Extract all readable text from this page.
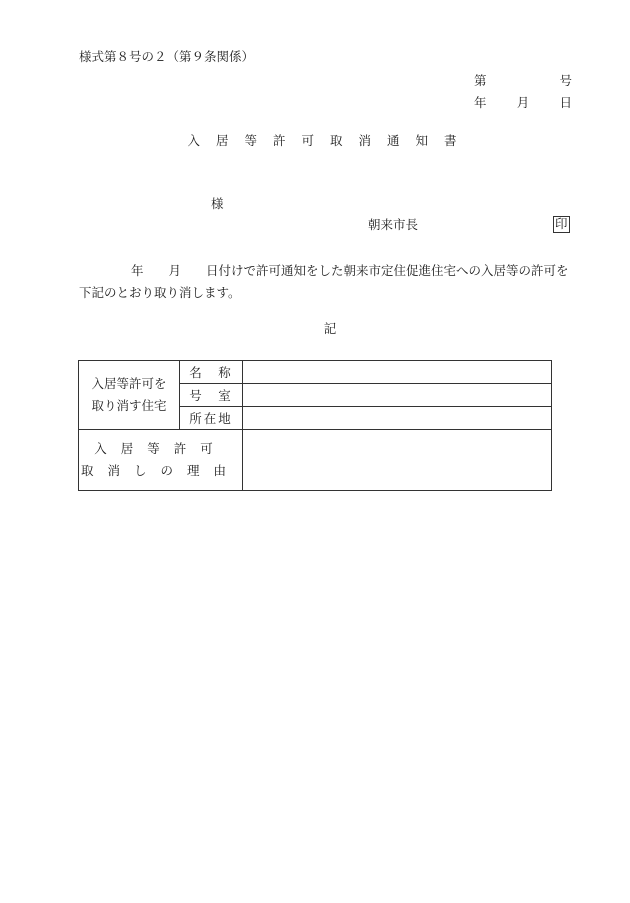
様式第８号の２（第９条関係）
第	号
年 月 日
入居等許可取消通知書
様
朝来市長	印
年　　月　　日付けで許可通知をした朝来市定住促進住宅への入居等の許可を下記のとおり取り消します。
記
入居等許可を
取り消す住宅	名　称	
	号　室	
	所在地	

入居等許可
取消しの理由		
